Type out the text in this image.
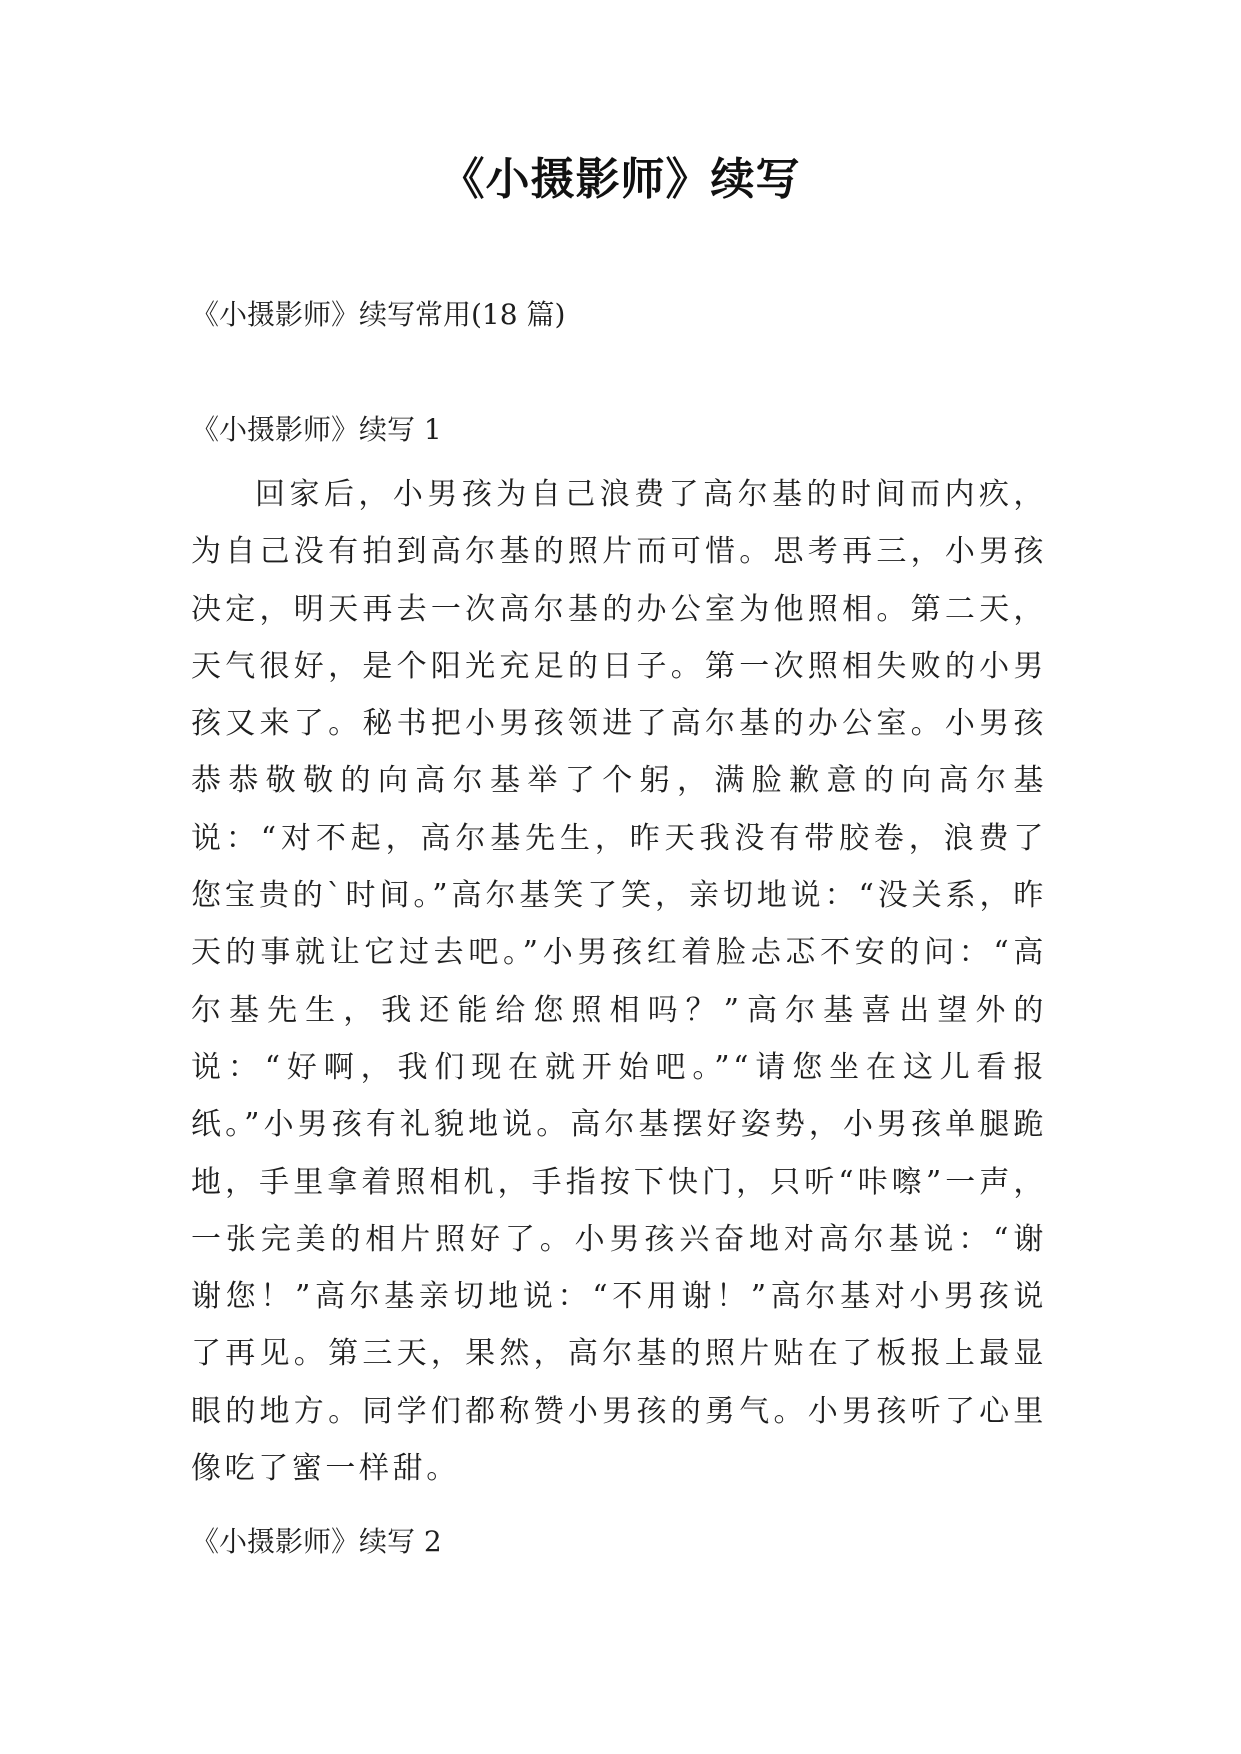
《小摄影师》续写
《小摄影师》续写常用(18 篇)
《小摄影师》续写 1

回家后，小男孩为自己浪费了高尔基的时间而内疚，为自己没有拍到高尔基的照片而可惜。思考再三，小男孩决定，明天再去一次高尔基的办公室为他照相。第二天，天气很好，是个阳光充足的日子。第一次照相失败的小男孩又来了。秘书把小男孩领进了高尔基的办公室。小男孩恭恭敬敬的向高尔基举了个躬，满脸歉意的向高尔基说：“对不起，高尔基先生，昨天我没有带胶卷，浪费了您宝贵的`时间。”高尔基笑了笑，亲切地说：“没关系，昨天的事就让它过去吧。”小男孩红着脸忐忑不安的问：“高尔基先生，我还能给您照相吗？”高尔基喜出望外的说：“好啊，我们现在就开始吧。”“请您坐在这儿看报纸。”小男孩有礼貌地说。高尔基摆好姿势，小男孩单腿跪地，手里拿着照相机，手指按下快门，只听“咔嚓”一声，一张完美的相片照好了。小男孩兴奋地对高尔基说：“谢谢您！”高尔基亲切地说：“不用谢！”高尔基对小男孩说了再见。第三天，果然，高尔基的照片贴在了板报上最显眼的地方。同学们都称赞小男孩的勇气。小男孩听了心里像吃了蜜一样甜。

《小摄影师》续写 2
